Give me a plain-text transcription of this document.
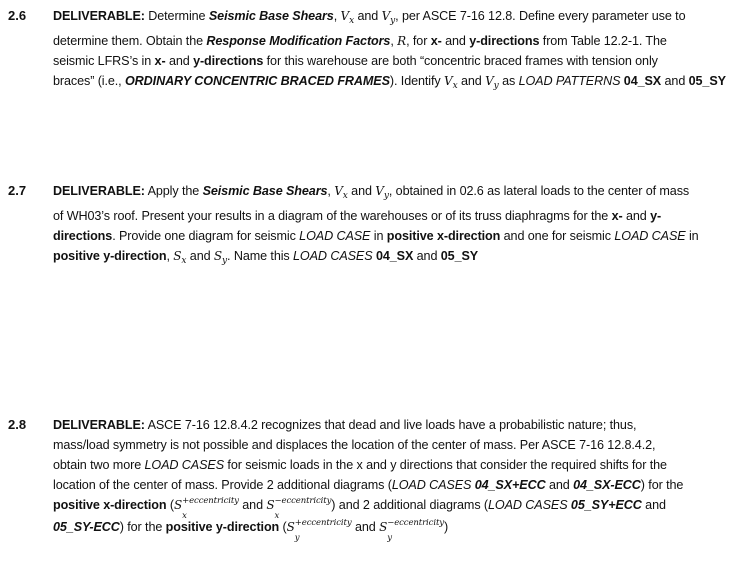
2.6 DELIVERABLE: Determine Seismic Base Shears, $V_x$ and $V_y$, per ASCE 7-16 12.8. Define every parameter use to
determine them. Obtain the Response Modification Factors, R, for x- and y-directions from Table 12.2-1. The
seismic LFRS’s in x- and y-directions for this warehouse are both “concentric braced frames with tension only
braces” (i.e., ORDINARY CONCENTRIC BRACED FRAMES). Identify $V_x$ and $V_y$ as LOAD PATTERNS 04_SX and 05_SY
2.7 DELIVERABLE: Apply the Seismic Base Shears, $V_x$ and $V_y$, obtained in 02.6 as lateral loads to the center of mass
of WH03’s roof. Present your results in a diagram of the warehouses or of its truss diaphragms for the x- and y-
directions. Provide one diagram for seismic LOAD CASE in positive x-direction and one for seismic LOAD CASE in
positive y-direction, $S_x$ and $S_y$. Name this LOAD CASES 04_SX and 05_SY
2.8 DELIVERABLE: ASCE 7-16 12.8.4.2 recognizes that dead and live loads have a probabilistic nature; thus,
mass/load symmetry is not possible and displaces the location of the center of mass. Per ASCE 7-16 12.8.4.2,
obtain two more LOAD CASES for seismic loads in the x and y directions that consider the required shifts for the
location of the center of mass. Provide 2 additional diagrams (LOAD CASES 04_SX+ECC and 04_SX-ECC) for the
positive x-direction ($S^{+eccentricity}$
x
and $S^{-eccentricity}$
x
) and 2 additional diagrams (LOAD CASES 05_SY+ECC and
05_SY-ECC) for the positive y-direction ($S^{+eccentricity}$
y
and $S^{-eccentricity}$
y
)
